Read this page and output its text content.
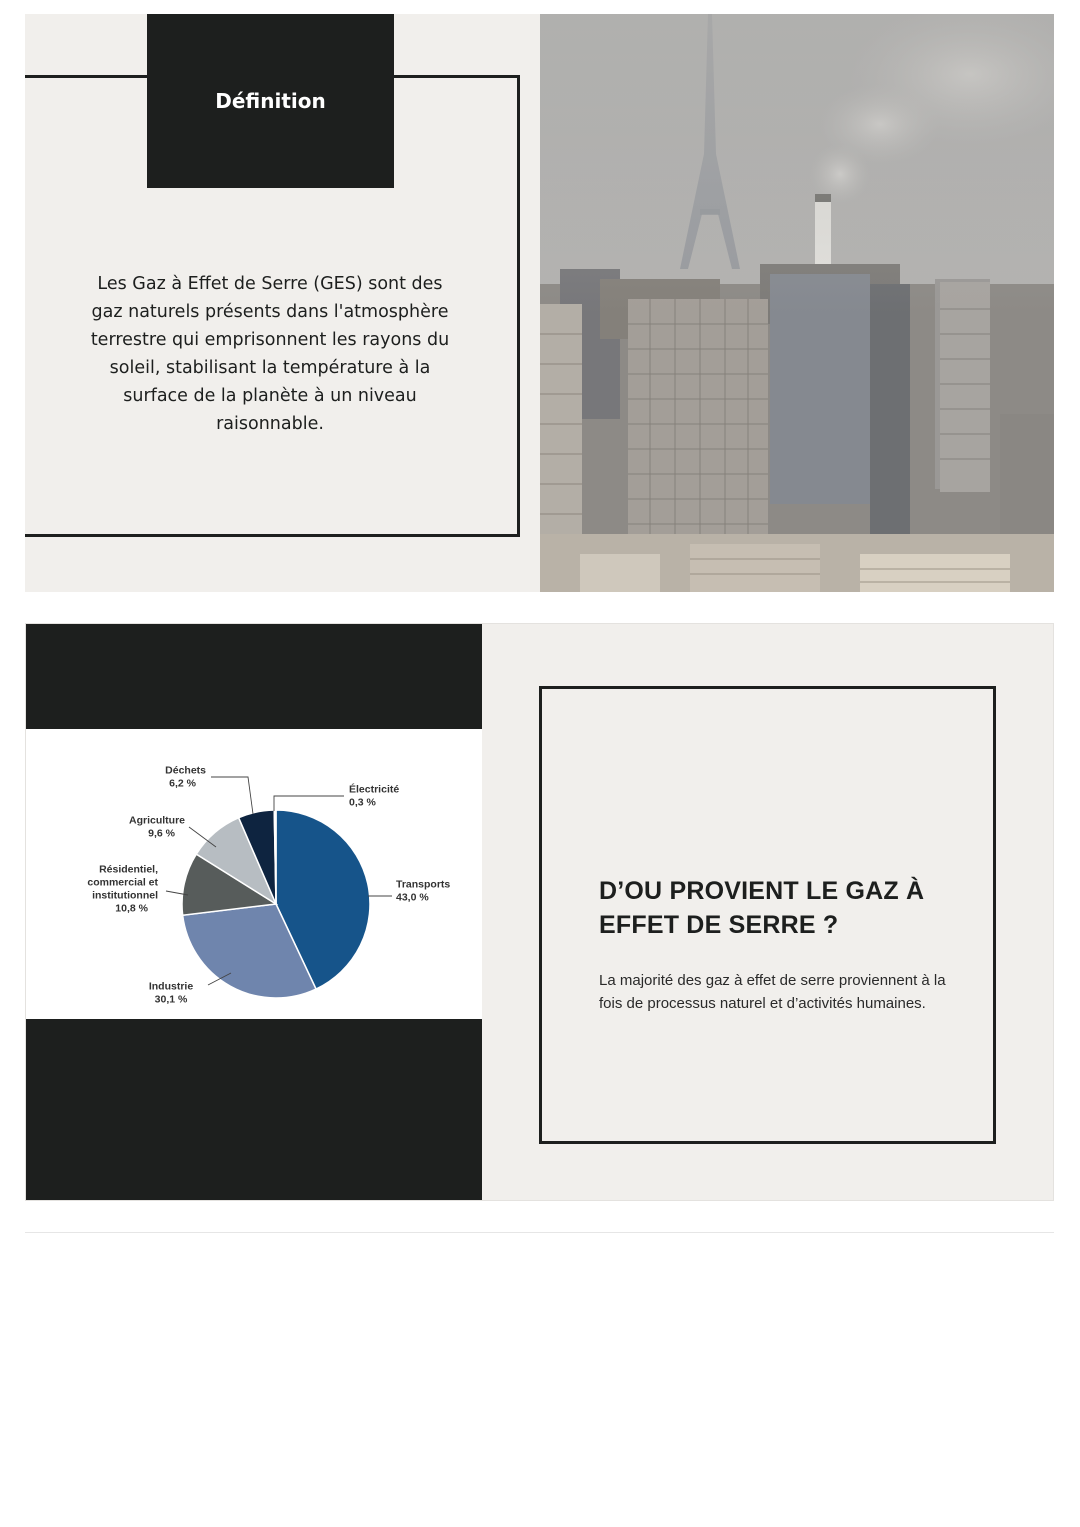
Définition
Les Gaz à Effet de Serre (GES) sont des gaz naturels présents dans l'atmosphère terrestre qui emprisonnent les rayons du soleil, stabilisant la température à la surface de la planète à un niveau raisonnable.
Transports
43,0 %
Industrie
30,1 %
Résidentiel,
commercial et
institutionnel
10,8 %
Agriculture
9,6 %
Déchets
6,2 %	Électricité
0,3 %
D’OU PROVIENT LE GAZ À EFFET DE SERRE ?
La majorité des gaz à effet de serre proviennent à la fois de processus naturel et d’activités humaines.
